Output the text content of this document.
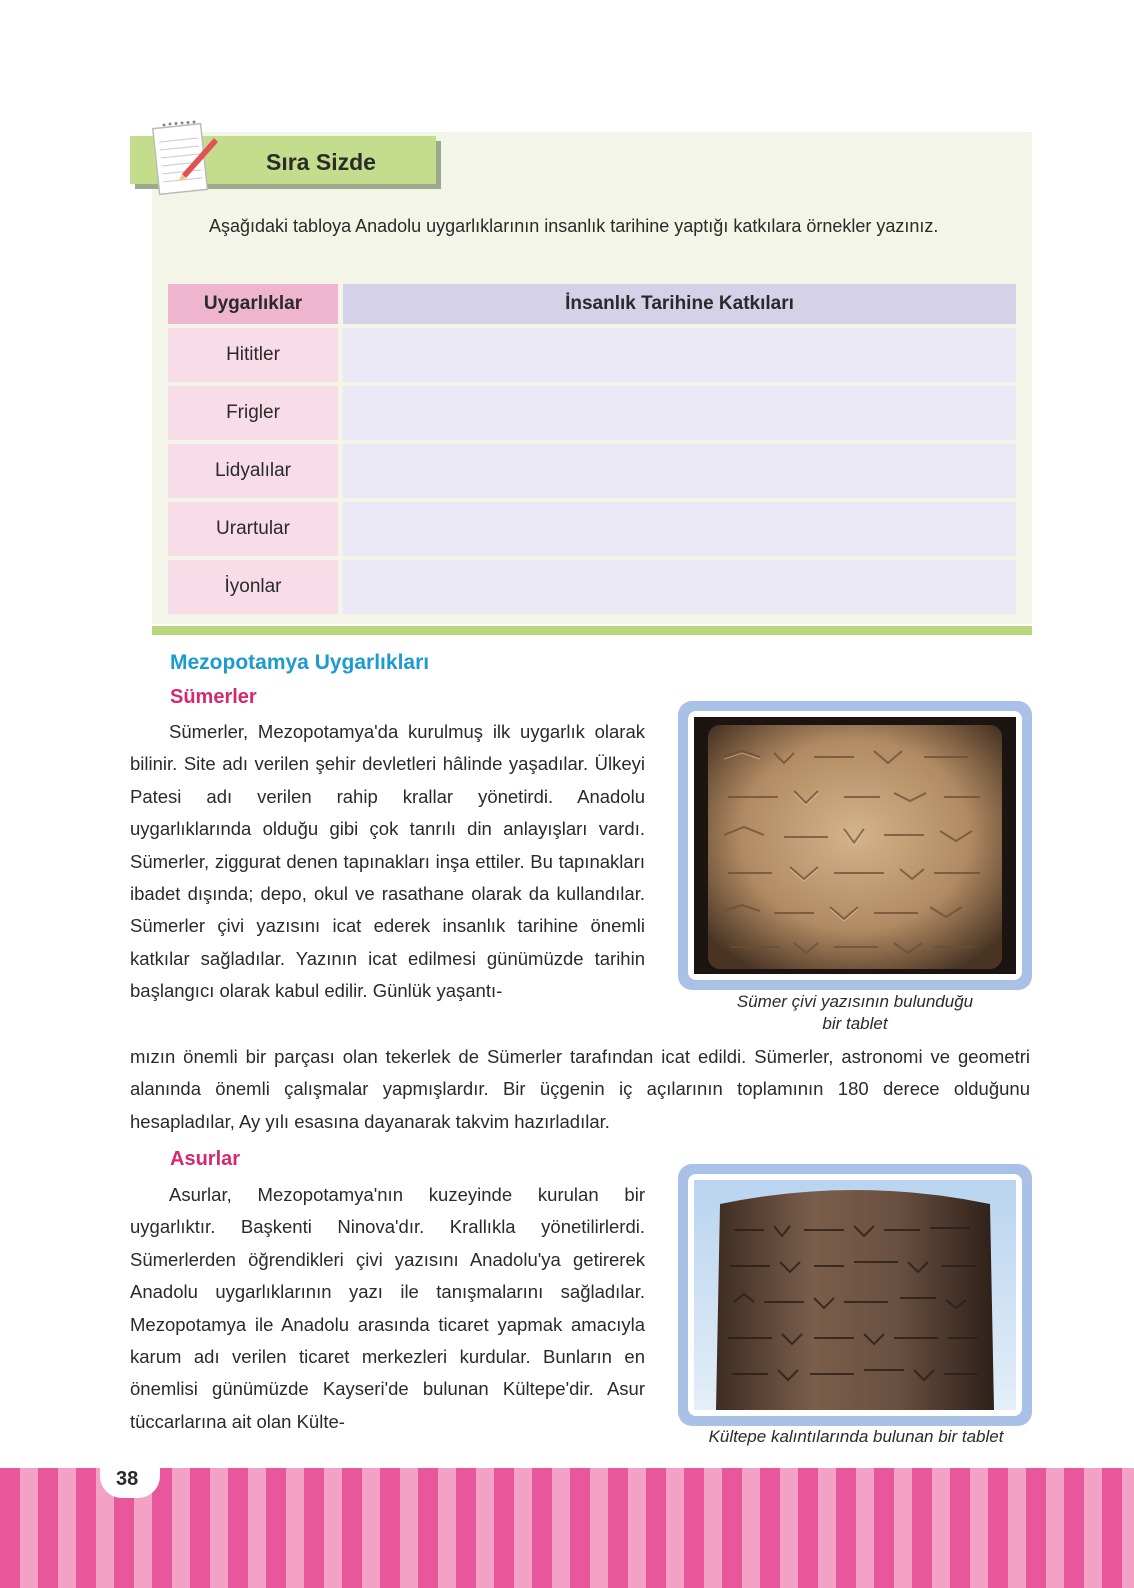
Sıra Sizde

Aşağıdaki tabloya Anadolu uygarlıklarının insanlık tarihine yaptığı katkılara örnekler yazınız.

Uygarlıklar	İnsanlık Tarihine Katkıları
Hititler	
Frigler	
Lidyalılar	
Urartular	
İyonlar	
Mezopotamya Uygarlıkları
Sümerler

Sümerler, Mezopotamya'da kurulmuş ilk uygarlık olarak bilinir. Site adı verilen şehir devletleri hâlinde yaşadılar. Ülkeyi Patesi adı verilen rahip krallar yönetirdi. Anadolu uygarlıklarında olduğu gibi çok tanrılı din anlayışları vardı. Sümerler, ziggurat denen tapınakları inşa ettiler. Bu tapınakları ibadet dışında; depo, okul ve rasathane olarak da kullandılar. Sümerler çivi yazısını icat ederek insanlık tarihine önemli katkılar sağladılar. Yazının icat edilmesi günümüzde tarihin başlangıcı olarak kabul edilir. Günlük yaşantı-

mızın önemli bir parçası olan tekerlek de Sümerler tarafından icat edildi. Sümerler, astronomi ve geometri alanında önemli çalışmalar yapmışlardır. Bir üçgenin iç açılarının toplamının 180 derece olduğunu hesapladılar, Ay yılı esasına dayanarak takvim hazırladılar.

Sümer çivi yazısının bulunduğu
bir tablet
Asurlar

Asurlar, Mezopotamya'nın kuzeyinde kurulan bir uygarlıktır. Başkenti Ninova'dır. Krallıkla yönetilirlerdi. Sümerlerden öğrendikleri çivi yazısını Anadolu'ya getirerek Anadolu uygarlıklarının yazı ile tanışmalarını sağladılar. Mezopotamya ile Anadolu arasında ticaret yapmak amacıyla karum adı verilen ticaret merkezleri kurdular. Bunların en önemlisi günümüzde Kayseri'de bulunan Kültepe'dir. Asur tüccarlarına ait olan Külte-

Kültepe kalıntılarında bulunan bir tablet
38
